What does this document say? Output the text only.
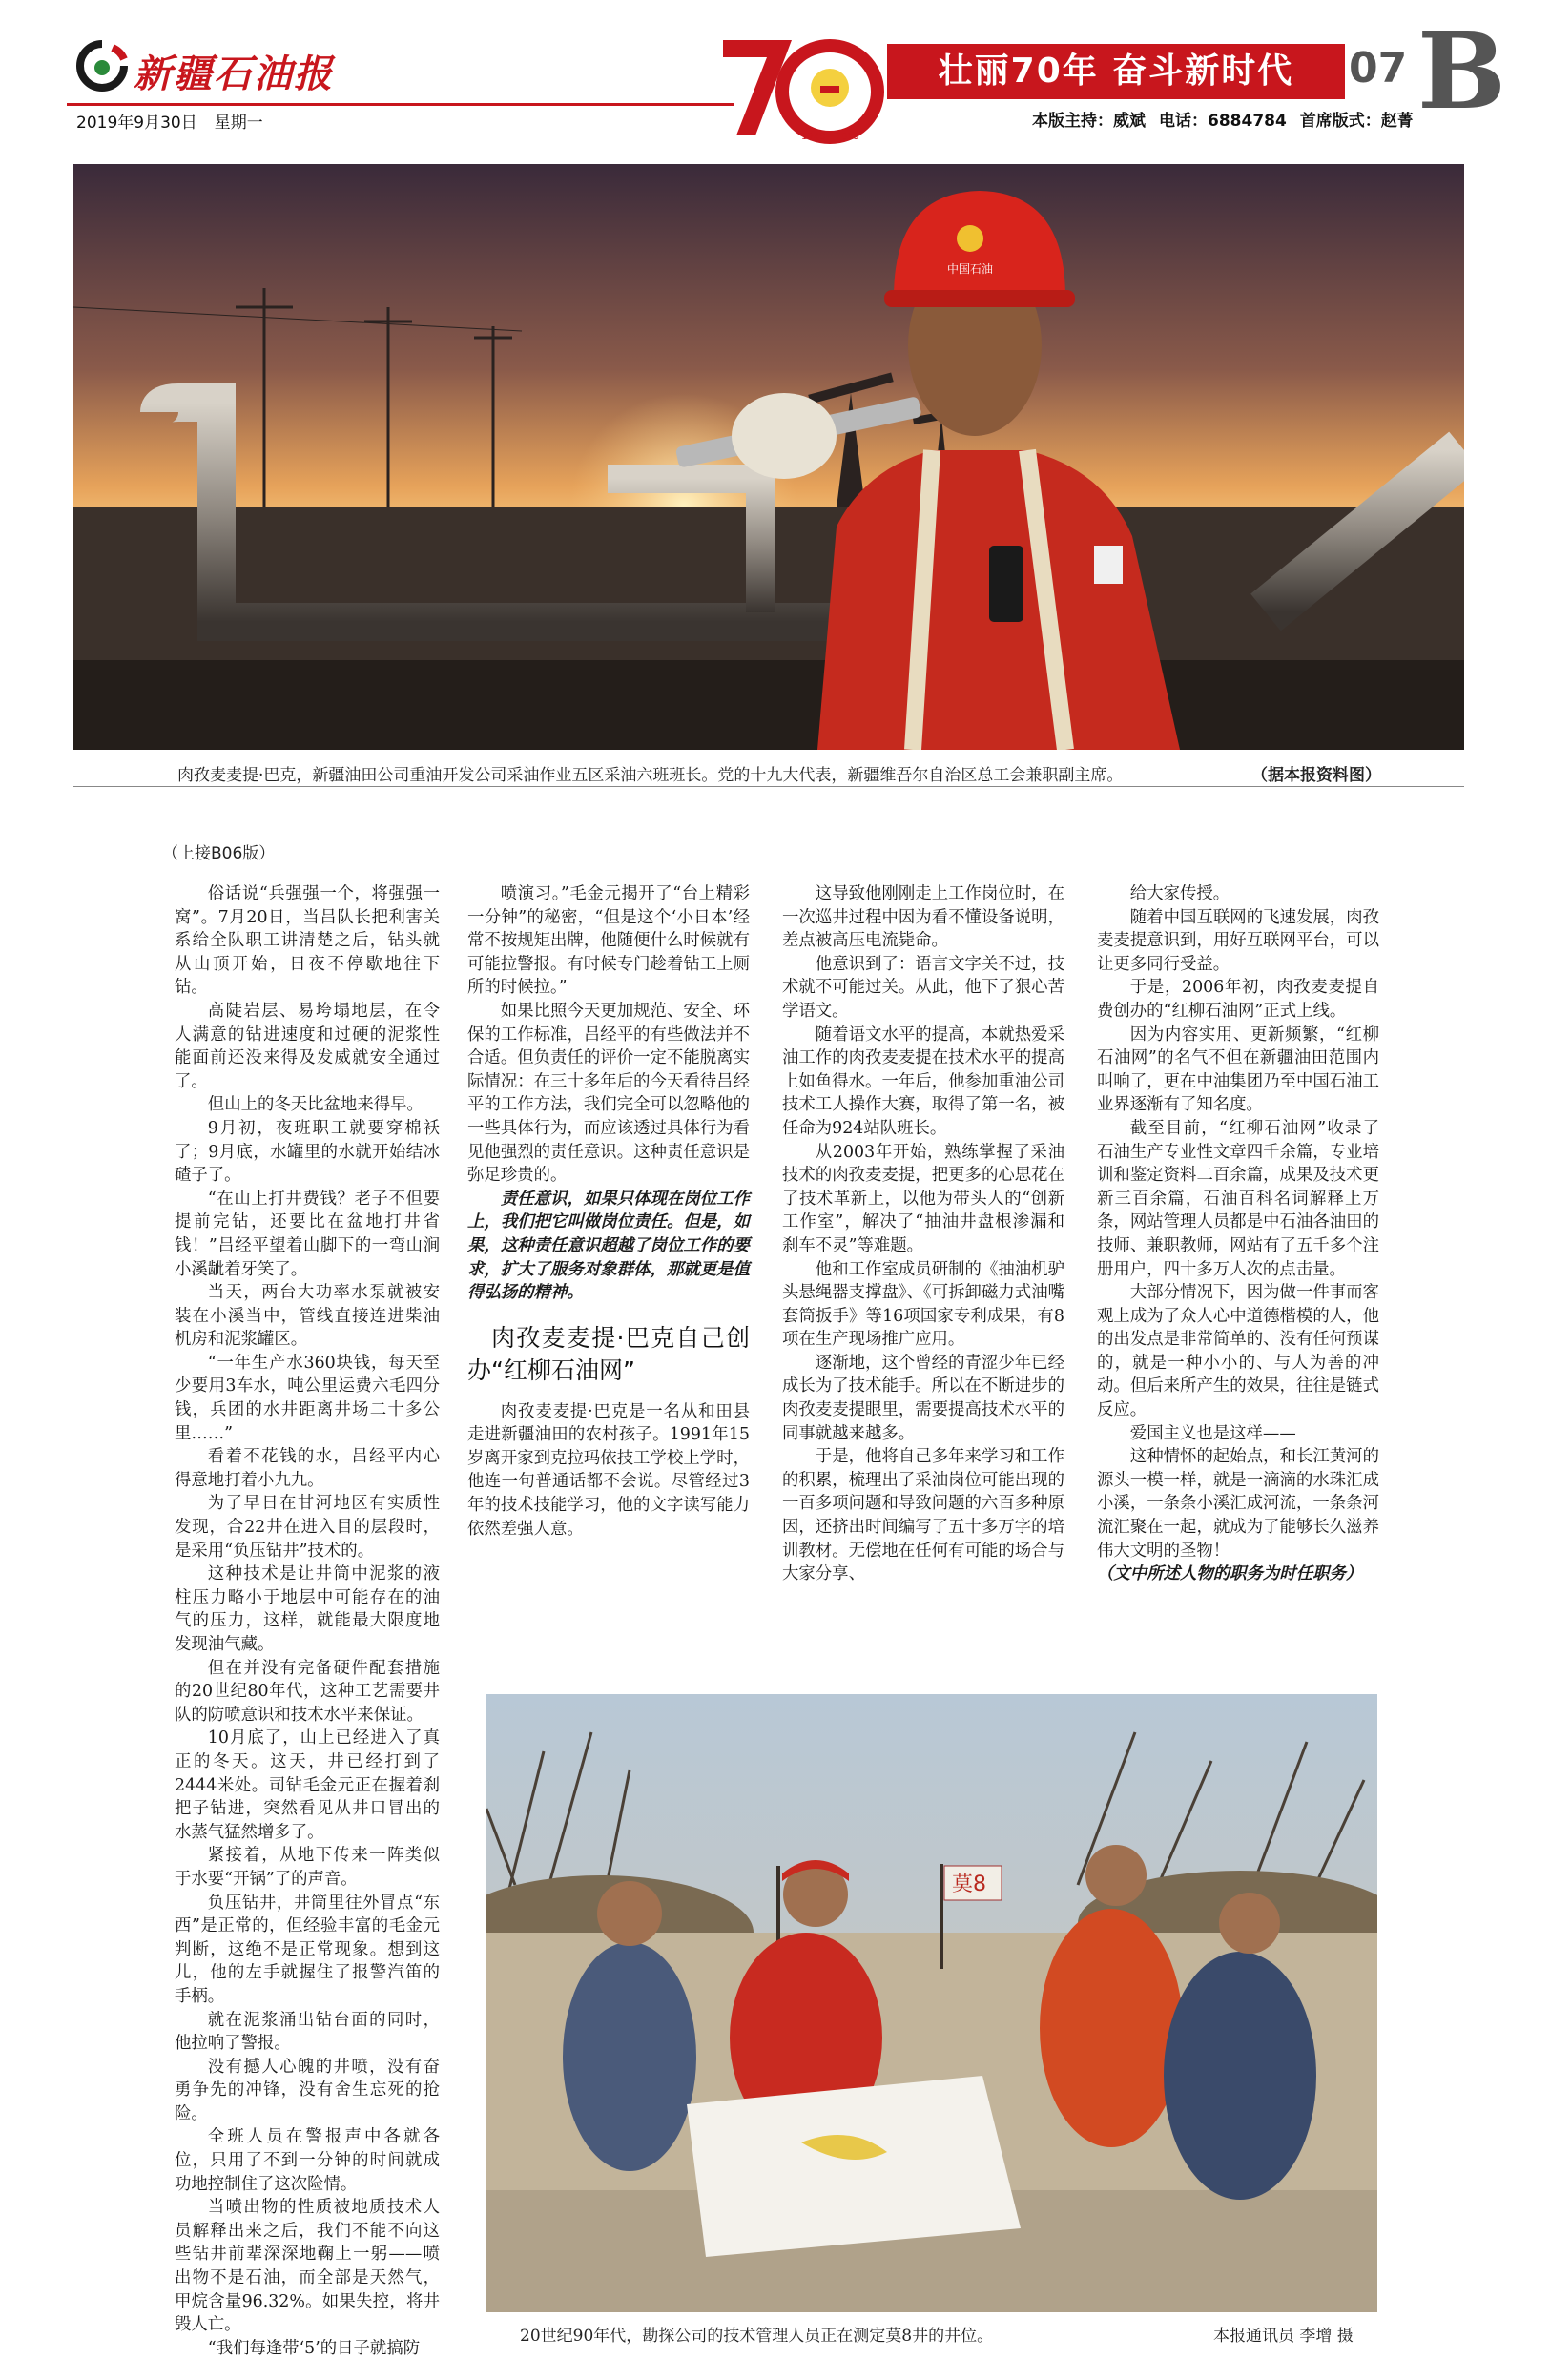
新疆石油报
2019年9月30日 星期一
1949—2019
壮丽70年 奋斗新时代	07 B
本版主持：威斌 电话：6884784 首席版式：赵菁
中国石油
肉孜麦麦提·巴克，新疆油田公司重油开发公司采油作业五区采油六班班长。党的十九大代表，新疆维吾尔自治区总工会兼职副主席。	（据本报资料图）
（上接B06版）

俗话说“兵强强一个，将强强一窝”。7月20日，当吕队长把利害关系给全队职工讲清楚之后，钻头就从山顶开始，日夜不停歇地往下钻。

高陡岩层、易垮塌地层，在令人满意的钻进速度和过硬的泥浆性能面前还没来得及发威就安全通过了。

但山上的冬天比盆地来得早。

9月初，夜班职工就要穿棉袄了；9月底，水罐里的水就开始结冰碴子了。

“在山上打井费钱？老子不但要提前完钻，还要比在盆地打井省钱！”吕经平望着山脚下的一弯山涧小溪龇着牙笑了。

当天，两台大功率水泵就被安装在小溪当中，管线直接连进柴油机房和泥浆罐区。

“一年生产水360块钱，每天至少要用3车水，吨公里运费六毛四分钱，兵团的水井距离井场二十多公里……”

看着不花钱的水，吕经平内心得意地打着小九九。

为了早日在甘河地区有实质性发现，合22井在进入目的层段时，是采用“负压钻井”技术的。

这种技术是让井筒中泥浆的液柱压力略小于地层中可能存在的油气的压力，这样，就能最大限度地发现油气藏。

但在并没有完备硬件配套措施的20世纪80年代，这种工艺需要井队的防喷意识和技术水平来保证。

10月底了，山上已经进入了真正的冬天。这天，井已经打到了2444米处。司钻毛金元正在握着刹把子钻进，突然看见从井口冒出的水蒸气猛然增多了。

紧接着，从地下传来一阵类似于水要“开锅”了的声音。

负压钻井，井筒里往外冒点“东西”是正常的，但经验丰富的毛金元判断，这绝不是正常现象。想到这儿，他的左手就握住了报警汽笛的手柄。

就在泥浆涌出钻台面的同时，他拉响了警报。

没有撼人心魄的井喷，没有奋勇争先的冲锋，没有舍生忘死的抢险。

全班人员在警报声中各就各位，只用了不到一分钟的时间就成功地控制住了这次险情。

当喷出物的性质被地质技术人员解释出来之后，我们不能不向这些钻井前辈深深地鞠上一躬——喷出物不是石油，而全部是天然气，甲烷含量96.32%。如果失控，将井毁人亡。

“我们每逢带‘5’的日子就搞防

喷演习。”毛金元揭开了“台上精彩一分钟”的秘密，“但是这个‘小日本’经常不按规矩出牌，他随便什么时候就有可能拉警报。有时候专门趁着钻工上厕所的时候拉。”

如果比照今天更加规范、安全、环保的工作标准，吕经平的有些做法并不合适。但负责任的评价一定不能脱离实际情况：在三十多年后的今天看待吕经平的工作方法，我们完全可以忽略他的一些具体行为，而应该透过具体行为看见他强烈的责任意识。这种责任意识是弥足珍贵的。

责任意识，如果只体现在岗位工作上，我们把它叫做岗位责任。但是，如果，这种责任意识超越了岗位工作的要求，扩大了服务对象群体，那就更是值得弘扬的精神。

肉孜麦麦提·巴克自己创办“红柳石油网”

肉孜麦麦提·巴克是一名从和田县走进新疆油田的农村孩子。1991年15岁离开家到克拉玛依技工学校上学时，他连一句普通话都不会说。尽管经过3年的技术技能学习，他的文字读写能力依然差强人意。

这导致他刚刚走上工作岗位时，在一次巡井过程中因为看不懂设备说明，差点被高压电流毙命。

他意识到了：语言文字关不过，技术就不可能过关。从此，他下了狠心苦学语文。

随着语文水平的提高，本就热爱采油工作的肉孜麦麦提在技术水平的提高上如鱼得水。一年后，他参加重油公司技术工人操作大赛，取得了第一名，被任命为924站队班长。

从2003年开始，熟练掌握了采油技术的肉孜麦麦提，把更多的心思花在了技术革新上，以他为带头人的“创新工作室”，解决了“抽油井盘根渗漏和刹车不灵”等难题。

他和工作室成员研制的《抽油机驴头悬绳器支撑盘》、《可拆卸磁力式油嘴套筒扳手》等16项国家专利成果，有8项在生产现场推广应用。

逐渐地，这个曾经的青涩少年已经成长为了技术能手。所以在不断进步的肉孜麦麦提眼里，需要提高技术水平的同事就越来越多。

于是，他将自己多年来学习和工作的积累，梳理出了采油岗位可能出现的一百多项问题和导致问题的六百多种原因，还挤出时间编写了五十多万字的培训教材。无偿地在任何有可能的场合与大家分享、

给大家传授。

随着中国互联网的飞速发展，肉孜麦麦提意识到，用好互联网平台，可以让更多同行受益。

于是，2006年初，肉孜麦麦提自费创办的“红柳石油网”正式上线。

因为内容实用、更新频繁，“红柳石油网”的名气不但在新疆油田范围内叫响了，更在中油集团乃至中国石油工业界逐渐有了知名度。

截至目前，“红柳石油网”收录了石油生产专业性文章四千余篇，专业培训和鉴定资料二百余篇，成果及技术更新三百余篇，石油百科名词解释上万条，网站管理人员都是中石油各油田的技师、兼职教师，网站有了五千多个注册用户，四十多万人次的点击量。

大部分情况下，因为做一件事而客观上成为了众人心中道德楷模的人，他的出发点是非常简单的、没有任何预谋的，就是一种小小的、与人为善的冲动。但后来所产生的效果，往往是链式反应。

爱国主义也是这样——

这种情怀的起始点，和长江黄河的源头一模一样，就是一滴滴的水珠汇成小溪，一条条小溪汇成河流，一条条河流汇聚在一起，就成为了能够长久滋养伟大文明的圣物！

（文中所述人物的职务为时任职务）
莫8
20世纪90年代，勘探公司的技术管理人员正在测定莫8井的井位。	本报通讯员 李增 摄
